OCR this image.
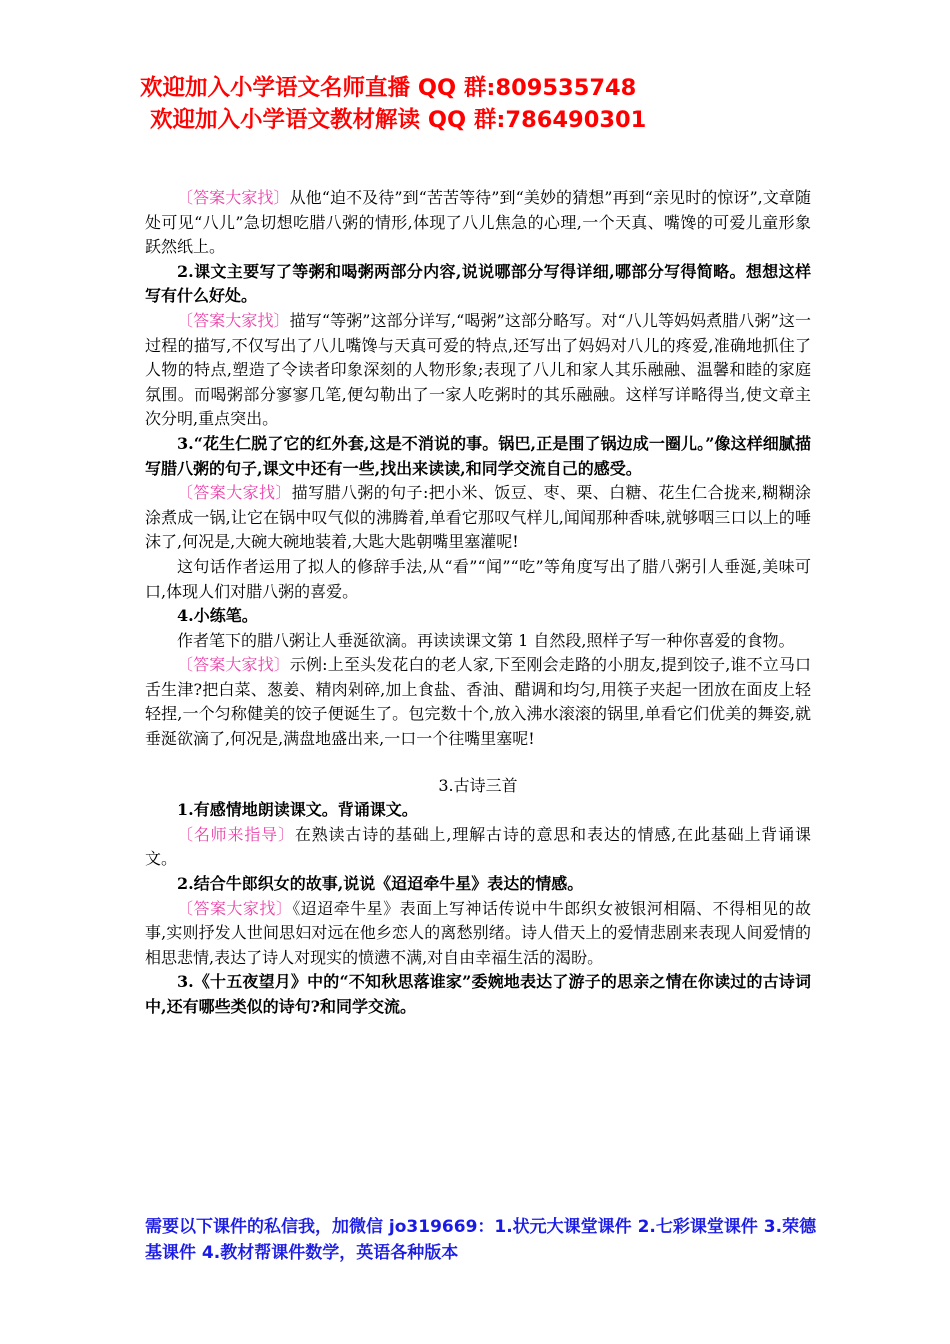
欢迎加入小学语文名师直播 QQ 群:809535748
欢迎加入小学语文教材解读 QQ 群:786490301

〔答案大家找〕从他“迫不及待”到“苦苦等待”到“美妙的猜想”再到“亲见时的惊讶”,文章随处可见“八儿”急切想吃腊八粥的情形,体现了八儿焦急的心理,一个天真、嘴馋的可爱儿童形象跃然纸上。

2.课文主要写了等粥和喝粥两部分内容,说说哪部分写得详细,哪部分写得简略。想想这样写有什么好处。

〔答案大家找〕描写“等粥”这部分详写,“喝粥”这部分略写。对“八儿等妈妈煮腊八粥”这一过程的描写,不仅写出了八儿嘴馋与天真可爱的特点,还写出了妈妈对八儿的疼爱,准确地抓住了人物的特点,塑造了令读者印象深刻的人物形象;表现了八儿和家人其乐融融、温馨和睦的家庭氛围。而喝粥部分寥寥几笔,便勾勒出了一家人吃粥时的其乐融融。这样写详略得当,使文章主次分明,重点突出。

3.“花生仁脱了它的红外套,这是不消说的事。锅巴,正是围了锅边成一圈儿。”像这样细腻描写腊八粥的句子,课文中还有一些,找出来读读,和同学交流自己的感受。

〔答案大家找〕描写腊八粥的句子:把小米、饭豆、枣、栗、白糖、花生仁合拢来,糊糊涂涂煮成一锅,让它在锅中叹气似的沸腾着,单看它那叹气样儿,闻闻那种香味,就够咽三口以上的唾沫了,何况是,大碗大碗地装着,大匙大匙朝嘴里塞灌呢!

这句话作者运用了拟人的修辞手法,从“看”“闻”“吃”等角度写出了腊八粥引人垂涎,美味可口,体现人们对腊八粥的喜爱。

4.小练笔。

作者笔下的腊八粥让人垂涎欲滴。再读读课文第 1 自然段,照样子写一种你喜爱的食物。

〔答案大家找〕示例:上至头发花白的老人家,下至刚会走路的小朋友,提到饺子,谁不立马口舌生津?把白菜、葱姜、精肉剁碎,加上食盐、香油、醋调和均匀,用筷子夹起一团放在面皮上轻轻捏,一个匀称健美的饺子便诞生了。包完数十个,放入沸水滚滚的锅里,单看它们优美的舞姿,就垂涎欲滴了,何况是,满盘地盛出来,一口一个往嘴里塞呢!

3.古诗三首

1.有感情地朗读课文。背诵课文。

〔名师来指导〕在熟读古诗的基础上,理解古诗的意思和表达的情感,在此基础上背诵课文。

2.结合牛郎织女的故事,说说《迢迢牵牛星》表达的情感。

〔答案大家找〕《迢迢牵牛星》表面上写神话传说中牛郎织女被银河相隔、不得相见的故事,实则抒发人世间思妇对远在他乡恋人的离愁别绪。诗人借天上的爱情悲剧来表现人间爱情的相思悲情,表达了诗人对现实的愤懑不满,对自由幸福生活的渴盼。

3.《十五夜望月》中的“不知秋思落谁家”委婉地表达了游子的思亲之情在你读过的古诗词中,还有哪些类似的诗句?和同学交流。

需要以下课件的私信我，加微信 jo319669：1.状元大课堂课件 2.七彩课堂课件 3.荣德基课件 4.教材帮课件数学，英语各种版本
